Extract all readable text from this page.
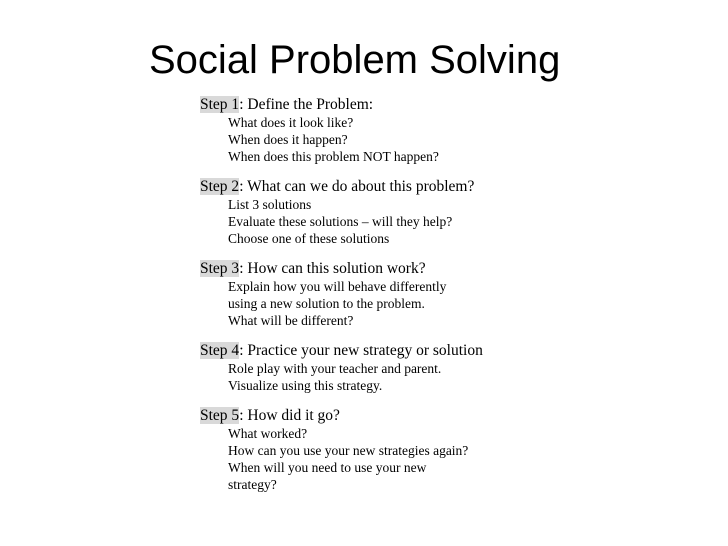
Social Problem Solving

Step 1: Define the Problem:

What does it look like?
When does it happen?
When does this problem NOT happen?

Step 2: What can we do about this problem?

List 3 solutions
Evaluate these solutions – will they help?
Choose one of these solutions

Step 3: How can this solution work?

Explain how you will behave differently
using a new solution to the problem.
What will be different?

Step 4: Practice your new strategy or solution

Role play with your teacher and parent.
Visualize using this strategy.

Step 5: How did it go?

What worked?
How can you use your new strategies again?
When will you need to use your new
strategy?
